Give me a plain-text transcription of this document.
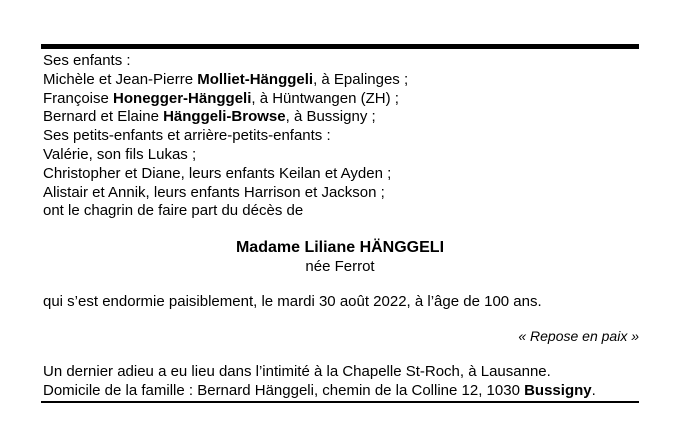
Ses enfants :
Michèle et Jean-Pierre Molliet-Hänggeli, à Epalinges ;
Françoise Honegger-Hänggeli, à Hüntwangen (ZH) ;
Bernard et Elaine Hänggeli-Browse, à Bussigny ;
Ses petits-enfants et arrière-petits-enfants :
Valérie, son fils Lukas ;
Christopher et Diane, leurs enfants Keilan et Ayden ;
Alistair et Annik, leurs enfants Harrison et Jackson ;
ont le chagrin de faire part du décès de
Madame Liliane HÄNGGELI
née Ferrot
qui s’est endormie paisiblement, le mardi 30 août 2022, à l’âge de 100 ans.
« Repose en paix »
Un dernier adieu a eu lieu dans l’intimité à la Chapelle St-Roch, à Lausanne.
Domicile de la famille : Bernard Hänggeli, chemin de la Colline 12, 1030 Bussigny.
